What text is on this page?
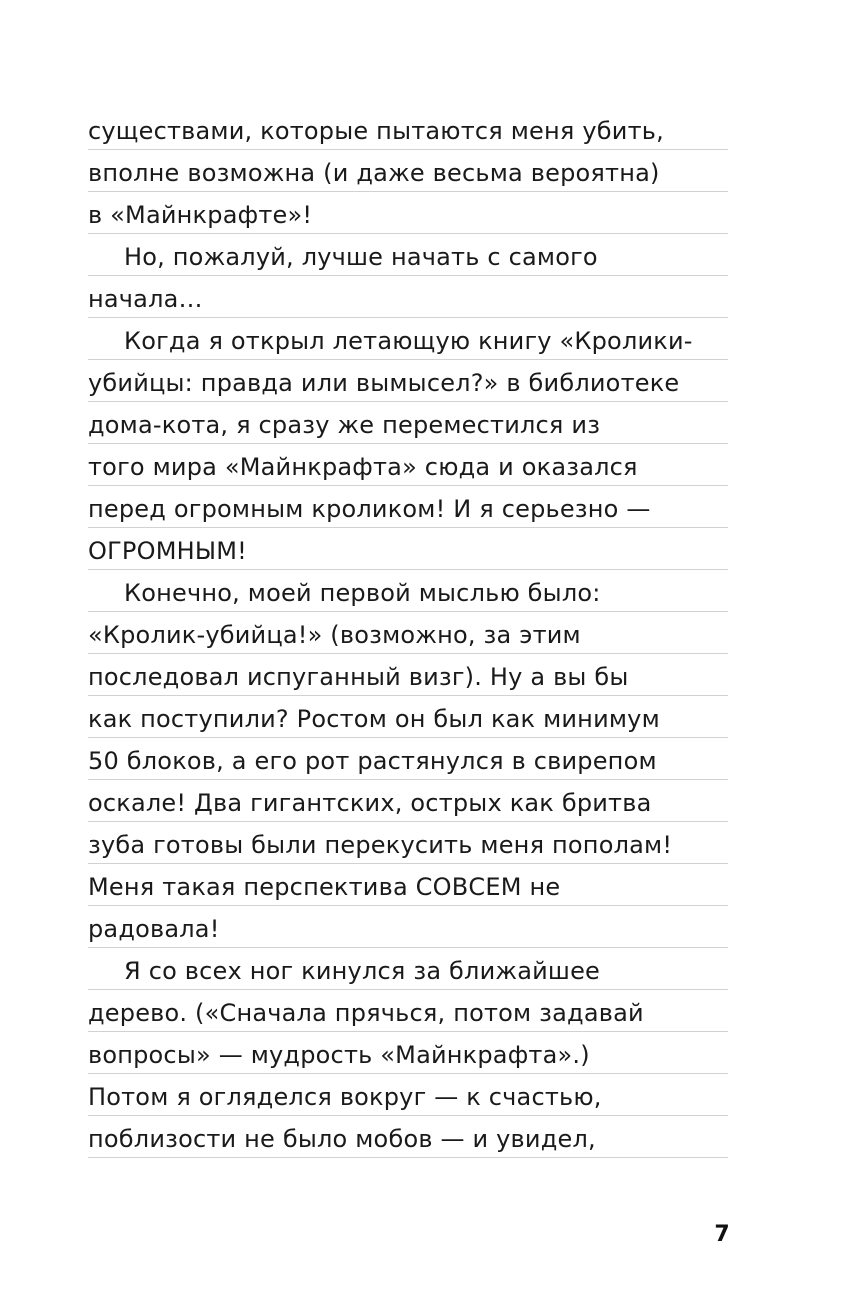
существами, которые пытаются меня убить,
вполне возможна (и даже весьма вероятна)
в «Майнкрафте»!
Но, пожалуй, лучше начать с самого
начала…
Когда я открыл летающую книгу «Кролики-
убийцы: правда или вымысел?» в библиотеке
дома-кота, я сразу же переместился из
того мира «Майнкрафта» сюда и оказался
перед огромным кроликом! И я серьезно —
ОГРОМНЫМ!
Конечно, моей первой мыслью было:
«Кролик-убийца!» (возможно, за этим
последовал испуганный визг). Ну а вы бы
как поступили? Ростом он был как минимум
50 блоков, а его рот растянулся в свирепом
оскале! Два гигантских, острых как бритва
зуба готовы были перекусить меня пополам!
Меня такая перспектива СОВСЕМ не
радовала!
Я со всех ног кинулся за ближайшее
дерево. («Сначала прячься, потом задавай
вопросы» — мудрость «Майнкрафта».)
Потом я огляделся вокруг — к счастью,
поблизости не было мобов — и увидел,
7
